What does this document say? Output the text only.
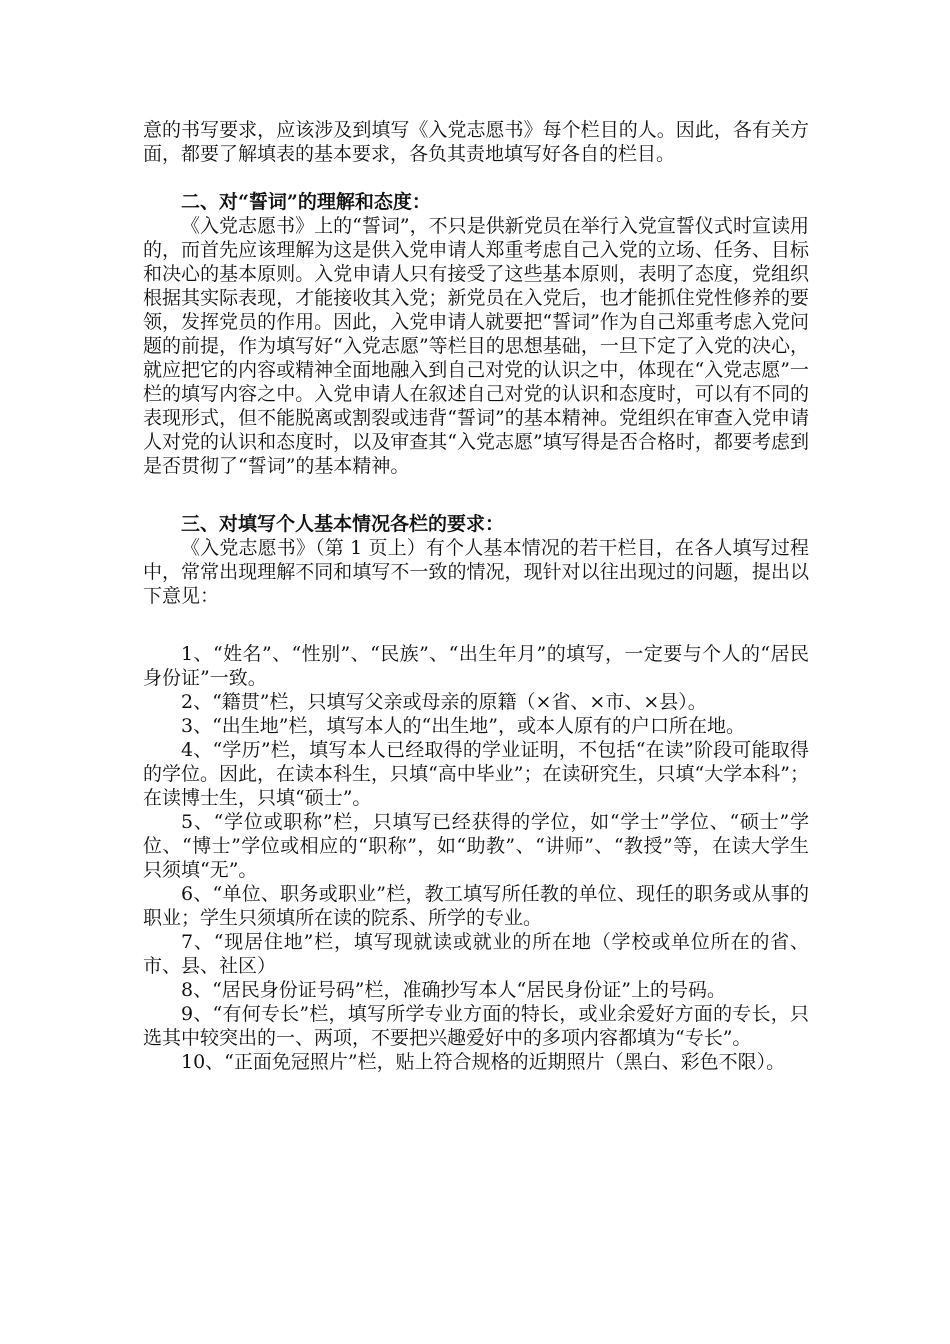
意的书写要求，应该涉及到填写《入党志愿书》每个栏目的人。因此，各有关方面，都要了解填表的基本要求，各负其责地填写好各自的栏目。

二、对“誓词”的理解和态度：

《入党志愿书》上的“誓词”，不只是供新党员在举行入党宣誓仪式时宣读用的，而首先应该理解为这是供入党申请人郑重考虑自己入党的立场、任务、目标和决心的基本原则。入党申请人只有接受了这些基本原则，表明了态度，党组织根据其实际表现，才能接收其入党；新党员在入党后，也才能抓住党性修养的要领，发挥党员的作用。因此，入党申请人就要把“誓词”作为自己郑重考虑入党问题的前提，作为填写好“入党志愿”等栏目的思想基础，一旦下定了入党的决心，就应把它的内容或精神全面地融入到自己对党的认识之中，体现在“入党志愿”一栏的填写内容之中。入党申请人在叙述自己对党的认识和态度时，可以有不同的表现形式，但不能脱离或割裂或违背“誓词”的基本精神。党组织在审查入党申请人对党的认识和态度时，以及审查其“入党志愿”填写得是否合格时，都要考虑到是否贯彻了“誓词”的基本精神。

三、对填写个人基本情况各栏的要求：

《入党志愿书》（第 1 页上）有个人基本情况的若干栏目，在各人填写过程中，常常出现理解不同和填写不一致的情况，现针对以往出现过的问题，提出以下意见：

1、“姓名”、“性别”、“民族”、“出生年月”的填写，一定要与个人的“居民身份证”一致。

2、“籍贯”栏，只填写父亲或母亲的原籍（×省、×市、×县）。

3、“出生地”栏，填写本人的“出生地”，或本人原有的户口所在地。

4、“学历”栏，填写本人已经取得的学业证明，不包括“在读”阶段可能取得的学位。因此，在读本科生，只填“高中毕业”；在读研究生，只填“大学本科”；在读博士生，只填“硕士”。

5、“学位或职称”栏，只填写已经获得的学位，如“学士”学位、“硕士”学位、“博士”学位或相应的“职称”，如“助教”、“讲师”、“教授”等，在读大学生只须填“无”。

6、“单位、职务或职业”栏，教工填写所任教的单位、现任的职务或从事的职业；学生只须填所在读的院系、所学的专业。

7、“现居住地”栏，填写现就读或就业的所在地（学校或单位所在的省、市、县、社区）

8、“居民身份证号码”栏，准确抄写本人“居民身份证”上的号码。

9、“有何专长”栏，填写所学专业方面的特长，或业余爱好方面的专长，只选其中较突出的一、两项，不要把兴趣爱好中的多项内容都填为“专长”。

10、“正面免冠照片”栏，贴上符合规格的近期照片（黑白、彩色不限）。
